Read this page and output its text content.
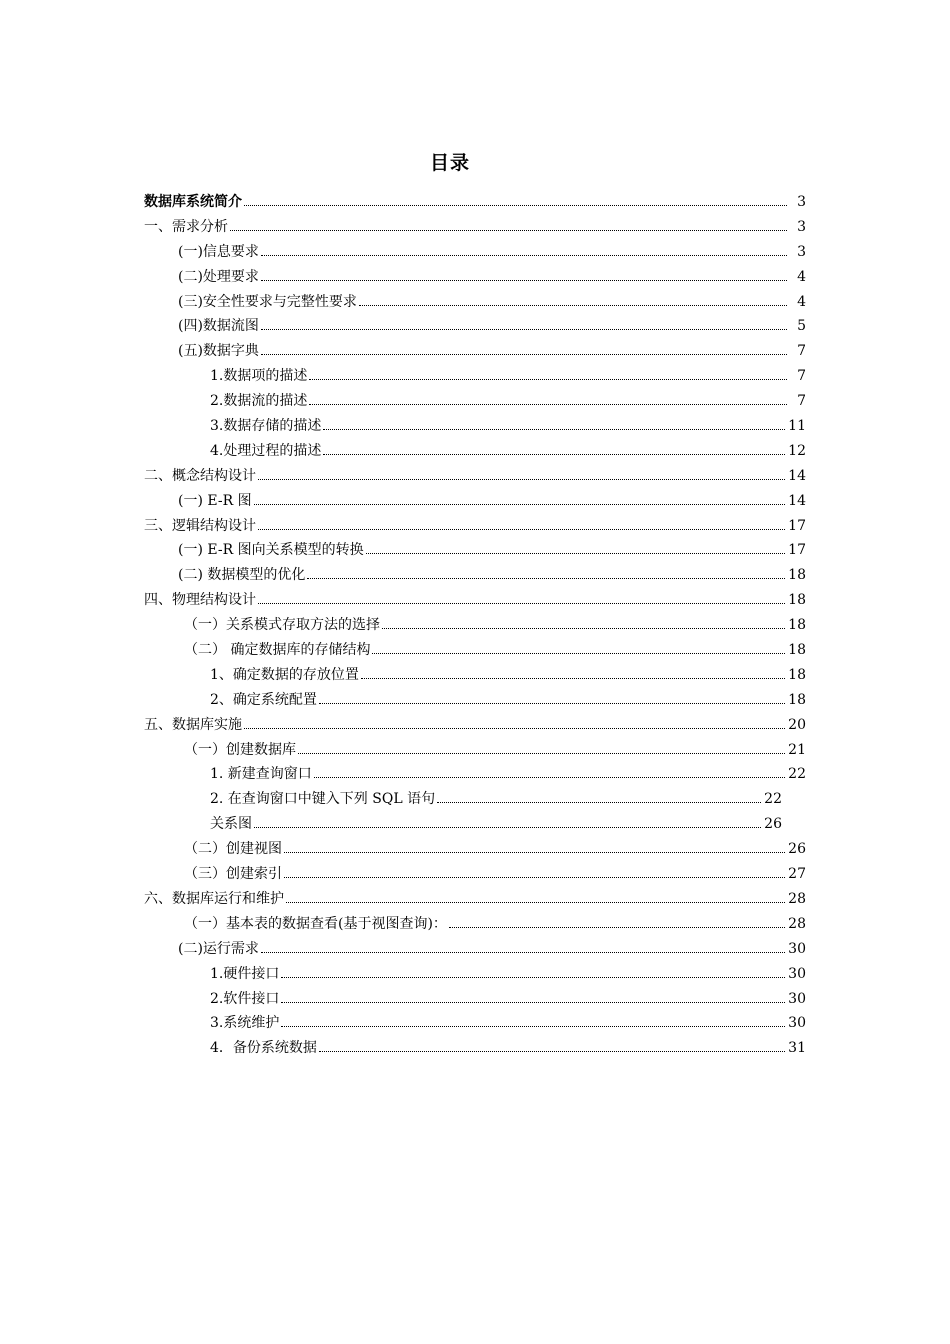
目录
数据库系统简介	3
一、需求分析	3
(一)信息要求	3
(二)处理要求	4
(三)安全性要求与完整性要求	4
(四)数据流图	5
(五)数据字典	7
1.数据项的描述	7
2.数据流的描述	7
3.数据存储的描述	11
4.处理过程的描述	12
二、概念结构设计	14
(一) E-R 图	14
三、逻辑结构设计	17
(一) E-R 图向关系模型的转换	17
(二) 数据模型的优化	18
四、物理结构设计	18
（一）关系模式存取方法的选择	18
（二） 确定数据库的存储结构	18
1、确定数据的存放位置	18
2、确定系统配置	18
五、数据库实施	20
（一）创建数据库	21
1. 新建查询窗口	22
2. 在查询窗口中键入下列 SQL 语句	22
关系图	26
（二）创建视图	26
（三）创建索引	27
六、数据库运行和维护	28
（一）基本表的数据查看(基于视图查询)：	28
(二)运行需求	30
1.硬件接口	30
2.软件接口	30
3.系统维护	30
4．备份系统数据	31
